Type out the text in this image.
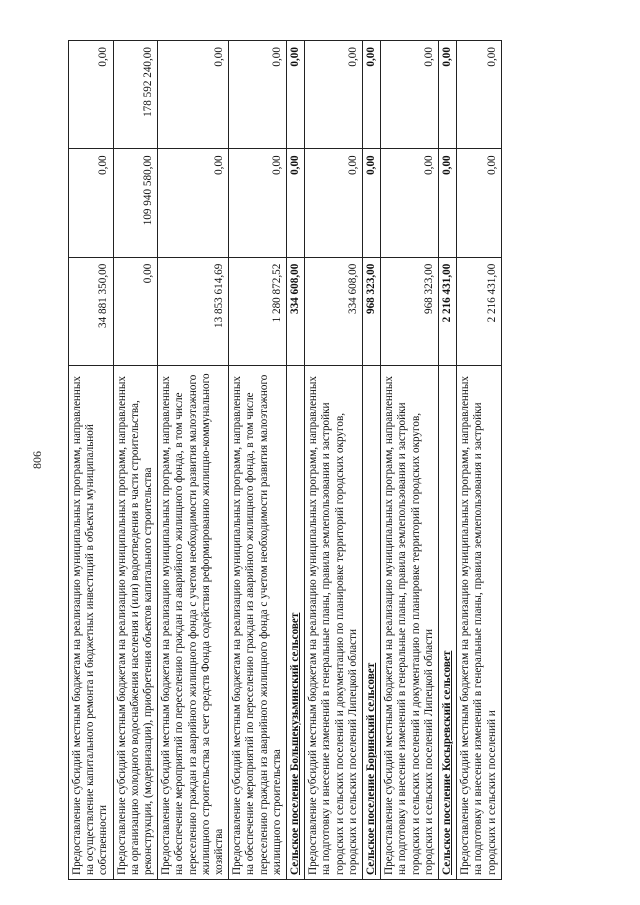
806 Предоставление субсидий местным бюджетам на реализацию муниципальных программ, направленных на осуществление капитального ремонта и бюджетных инвестиций в объекты муниципальной собственности	34 881 350,00	0,00	0,00
Предоставление субсидий местным бюджетам на реализацию муниципальных программ, направленных на организацию холодного водоснабжения населения и (или) водоотведения в части строительства, реконструкции, (модернизации), приобретения объектов капитального строительства	0,00	109 940 580,00	178 592 240,00
Предоставление субсидий местным бюджетам на реализацию муниципальных программ, направленных на обеспечение мероприятий по переселению граждан из аварийного жилищного фонда, в том числе переселению граждан из аварийного жилищного фонда с учетом необходимости развития малоэтажного жилищного строительства за счет средств Фонда содействия реформированию жилищно-коммунального хозяйства	13 853 614,69	0,00	0,00
Предоставление субсидий местным бюджетам на реализацию муниципальных программ, направленных на обеспечение мероприятий по переселению граждан из аварийного жилищного фонда, в том числе переселению граждан из аварийного жилищного фонда с учетом необходимости развития малоэтажного жилищного строительства	1 280 872,52	0,00	0,00
Сельское поселение Большекузьминский сельсовет	334 608,00	0,00	0,00
Предоставление субсидий местным бюджетам на реализацию муниципальных программ, направленных на подготовку и внесение изменений в генеральные планы, правила землепользования и застройки городских и сельских поселений и документацию по планировке территорий городских округов, городских и сельских поселений Липецкой области	334 608,00	0,00	0,00
Сельское поселение Боринский сельсовет	968 323,00	0,00	0,00
Предоставление субсидий местным бюджетам на реализацию муниципальных программ, направленных на подготовку и внесение изменений в генеральные планы, правила землепользования и застройки городских и сельских поселений и документацию по планировке территорий городских округов, городских и сельских поселений Липецкой области	968 323,00	0,00	0,00
Сельское поселение Косыревский сельсовет	2 216 431,00	0,00	0,00
Предоставление субсидий местным бюджетам на реализацию муниципальных программ, направленных на подготовку и внесение изменений в генеральные планы, правила землепользования и застройки городских и сельских поселений и	2 216 431,00	0,00	0,00
